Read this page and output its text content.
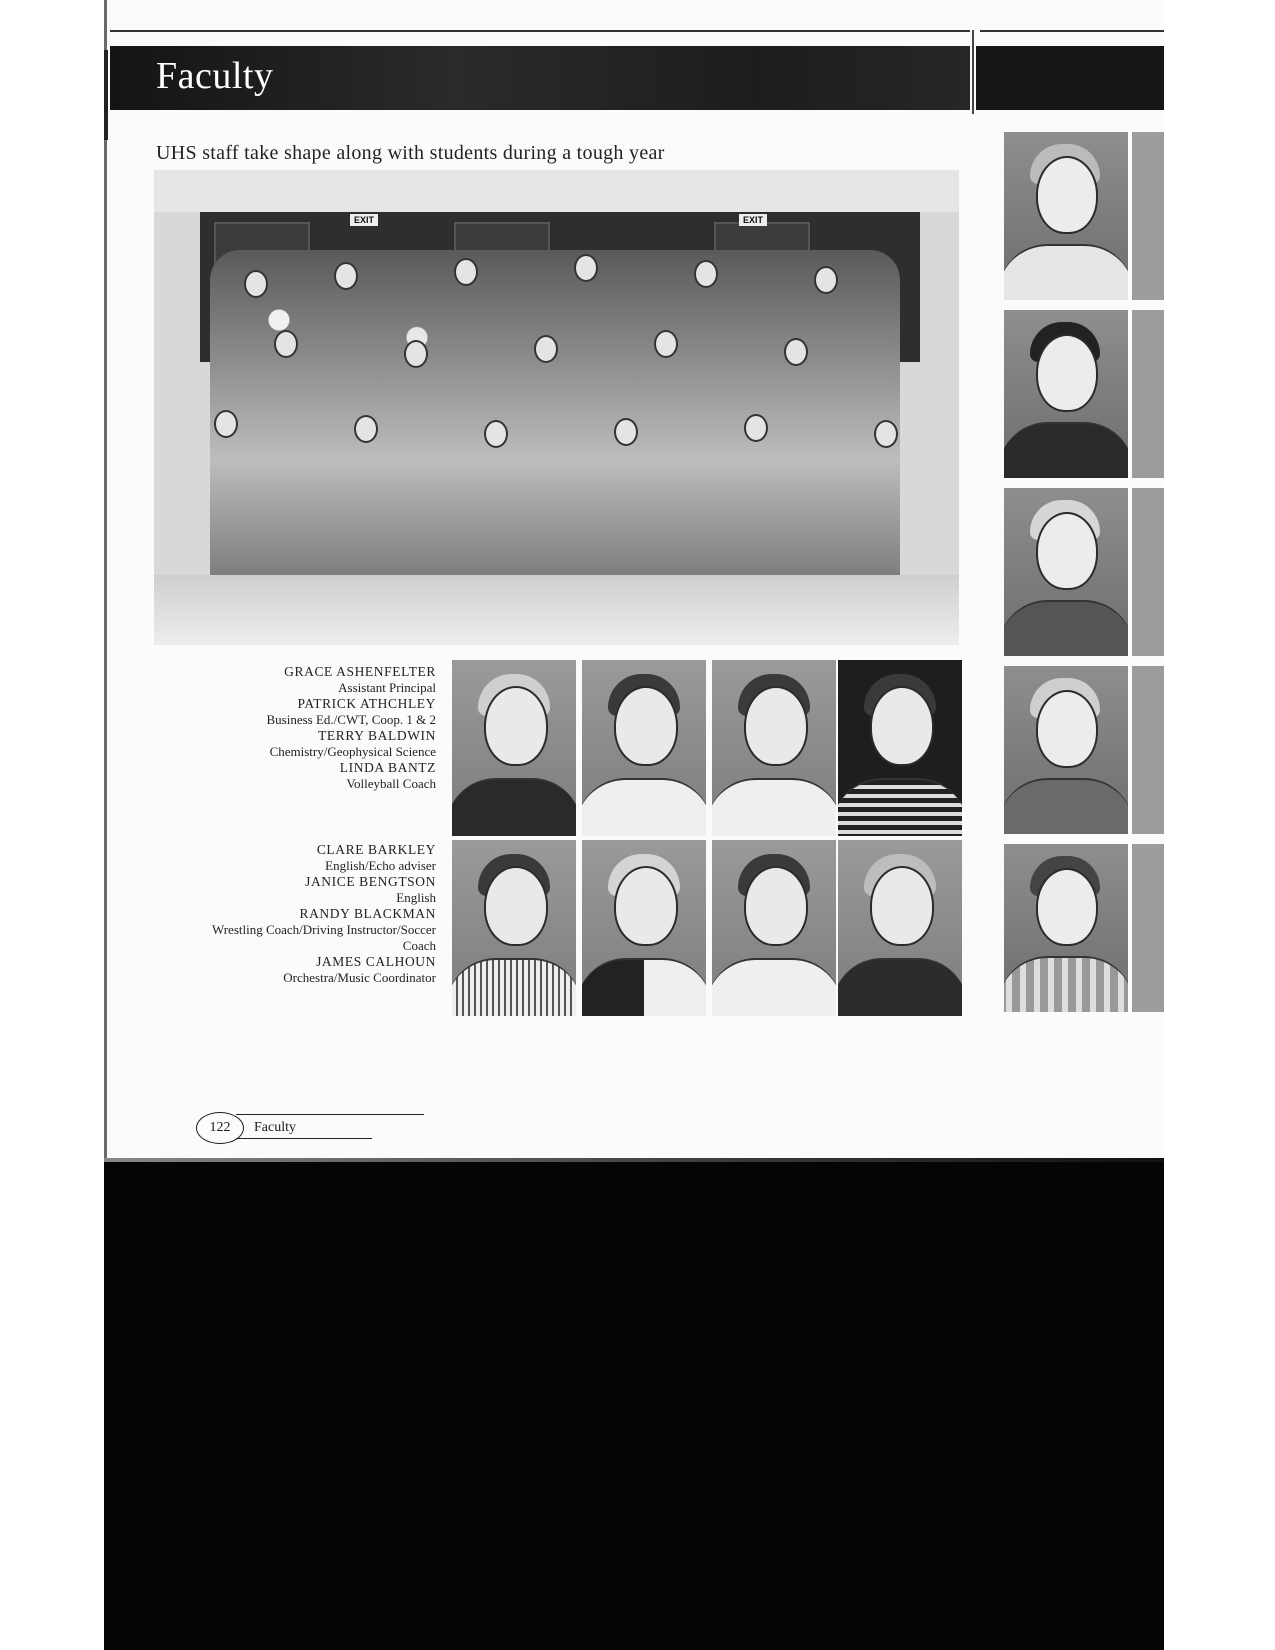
Faculty
UHS staff take shape along with students during a tough year
EXIT	EXIT
GRACE ASHENFELTER
Assistant Principal
PATRICK ATHCHLEY
Business Ed./CWT, Coop. 1 & 2
TERRY BALDWIN
Chemistry/Geophysical Science
LINDA BANTZ
Volleyball Coach
CLARE BARKLEY
English/Echo adviser
JANICE BENGTSON
English
RANDY BLACKMAN
Wrestling Coach/Driving Instructor/Soccer
Coach
JAMES CALHOUN
Orchestra/Music Coordinator
122	Faculty
